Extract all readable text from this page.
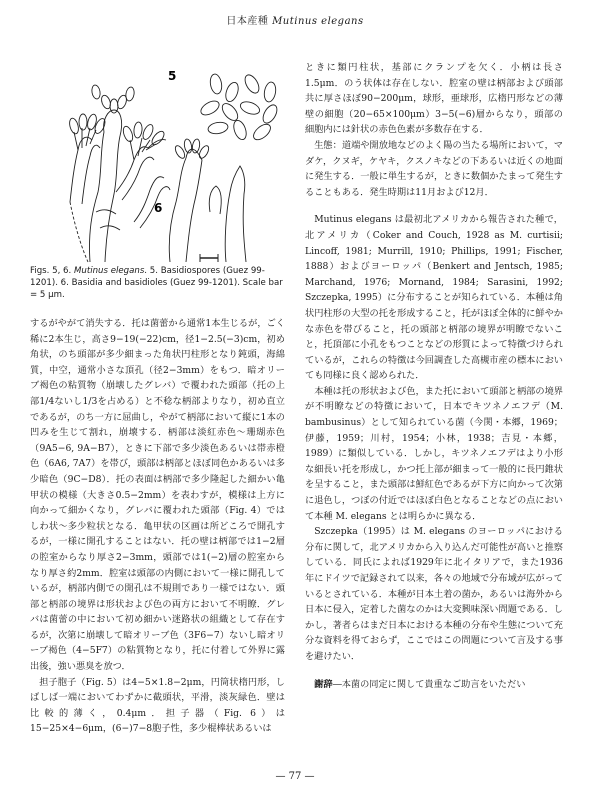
日本産種 Mutinus elegans
5
6
Figs. 5, 6. Mutinus elegans. 5. Basidiospores (Guez 99-1201). 6. Basidia and basidioles (Guez 99-1201). Scale bar = 5 μm.

するがやがて消失する．托は菌蕾から通常1本生じるが，ごく稀に2本生じ，高さ9−19(−22)cm，径1−2.5(−3)cm，初め角状，のち頭部が多少細まった角状円柱形となり鈍頭，海綿質，中空，通常小さな頂孔（径2−3mm）をもつ．暗オリーブ褐色の粘質物（崩壊したグレバ）で覆われた頭部（托の上部1/4ないし1/3を占める）と不稔な柄部よりなり，初め直立であるが，のち一方に屈曲し，やがて柄部において縦に1本の凹みを生じて割れ，崩壊する．柄部は淡紅赤色〜珊瑚赤色（9A5−6, 9A−B7），ときに下部で多少淡色あるいは帯赤橙色（6A6, 7A7）を帯び，頭部は柄部とほぼ同色かあるいは多少暗色（9C−D8）．托の表面は柄部で多少隆起した細かい亀甲状の模様（大きさ0.5−2mm）を表わすが，模様は上方に向かって細かくなり，グレバに覆われた頭部（Fig. 4）ではしわ状〜多少粒状となる．亀甲状の区画は所どころで開孔するが，一様に開孔することはない．托の壁は柄部では1−2層の腔室からなり厚さ2−3mm，頭部では1(−2)層の腔室からなり厚さ約2mm．腔室は頭部の内側において一様に開孔しているが，柄部内側での開孔は不規則であり一様ではない．頭部と柄部の境界は形状および色の両方において不明瞭．グレバは菌蕾の中において初め細かい迷路状の組織として存在するが，次第に崩壊して暗オリーブ色（3F6−7）ないし暗オリーブ褐色（4−5F7）の粘質物となり，托に付着して外界に露出後，強い悪臭を放つ．

担子胞子（Fig. 5）は4−5×1.8−2μm，円筒状楕円形，しばしば一端においてわずかに截頭状，平滑，淡灰緑色．壁は比較的薄く，0.4μm．担子器（Fig. 6）は15−25×4−6μm，(6−)7−8胞子性，多少棍棒状あるいは

ときに類円柱状，基部にクランプを欠く．小柄は長さ1.5μm．のう状体は存在しない．腔室の壁は柄部および頭部共に厚さほぼ90−200μm，球形，亜球形，広楕円形などの薄壁の細胞（20−65×100μm）3−5(−6)層からなり，頭部の細胞内には針状の赤色色素が多数存在する．

生態：道端や開放地などのよく陽の当たる場所において，マダケ，クヌギ，ケヤキ，クスノキなどの下あるいは近くの地面に発生する．一般に単生するが，ときに数個かたまって発生することもある．発生時期は11月および12月．

Mutinus elegans は最初北アメリカから報告された種で，北アメリカ（Coker and Couch, 1928 as M. curtisii; Lincoff, 1981; Murrill, 1910; Phillips, 1991; Fischer, 1888）およびヨーロッパ（Benkert and Jentsch, 1985; Marchand, 1976; Mornand, 1984; Sarasini, 1992; Szczepka, 1995）に分布することが知られている．本種は角状円柱形の大型の托を形成すること，托がほぼ全体的に鮮やかな赤色を帯びること，托の頭部と柄部の境界が明瞭でないこと，托頂部に小孔をもつことなどの形質によって特徴づけられているが，これらの特徴は今回調査した高槻市産の標本においても同様に良く認められた．

本種は托の形状および色，また托において頭部と柄部の境界が不明瞭などの特徴において，日本でキツネノエフデ（M. bambusinus）として知られている菌（今関・本郷，1969；伊藤，1959；川村，1954；小林，1938；吉見・本郷，1989）に類似している．しかし，キツネノエフデはより小形な細長い托を形成し，かつ托上部が細まって一般的に長円錐状を呈すること，また頭部は鮮紅色であるが下方に向かって次第に退色し，つぼの付近ではほぼ白色となることなどの点において本種 M. elegans とは明らかに異なる．

Szczepka（1995）は M. elegans のヨーロッパにおける分布に関して，北アメリカから入り込んだ可能性が高いと推察している．同氏によれば1929年に北イタリアで，また1936年にドイツで記録されて以来，各々の地域で分布域が広がっているとされている．本種が日本土着の菌か，あるいは海外から日本に侵入，定着した菌なのかは大変興味深い問題である．しかし，著者らはまだ日本における本種の分布や生態について充分な資料を得ておらず，ここではこの問題について言及する事を避けたい．

謝辞―本菌の同定に関して貴重なご助言をいただい

— 77 —
